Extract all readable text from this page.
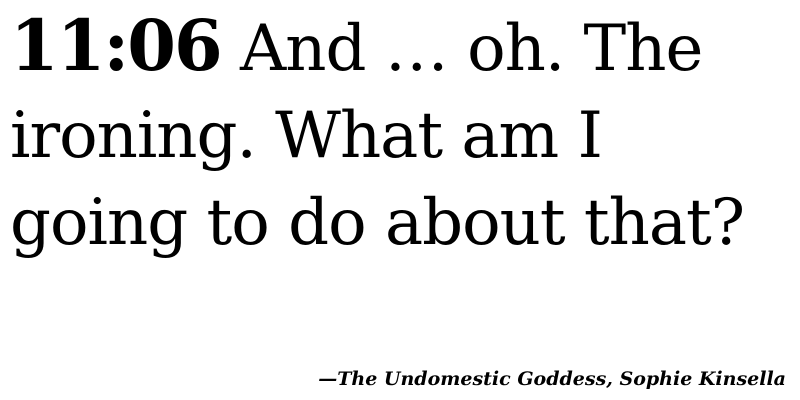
11:06 And … oh. The ironing. What am I going to do about that?

—The Undomestic Goddess, Sophie Kinsella
